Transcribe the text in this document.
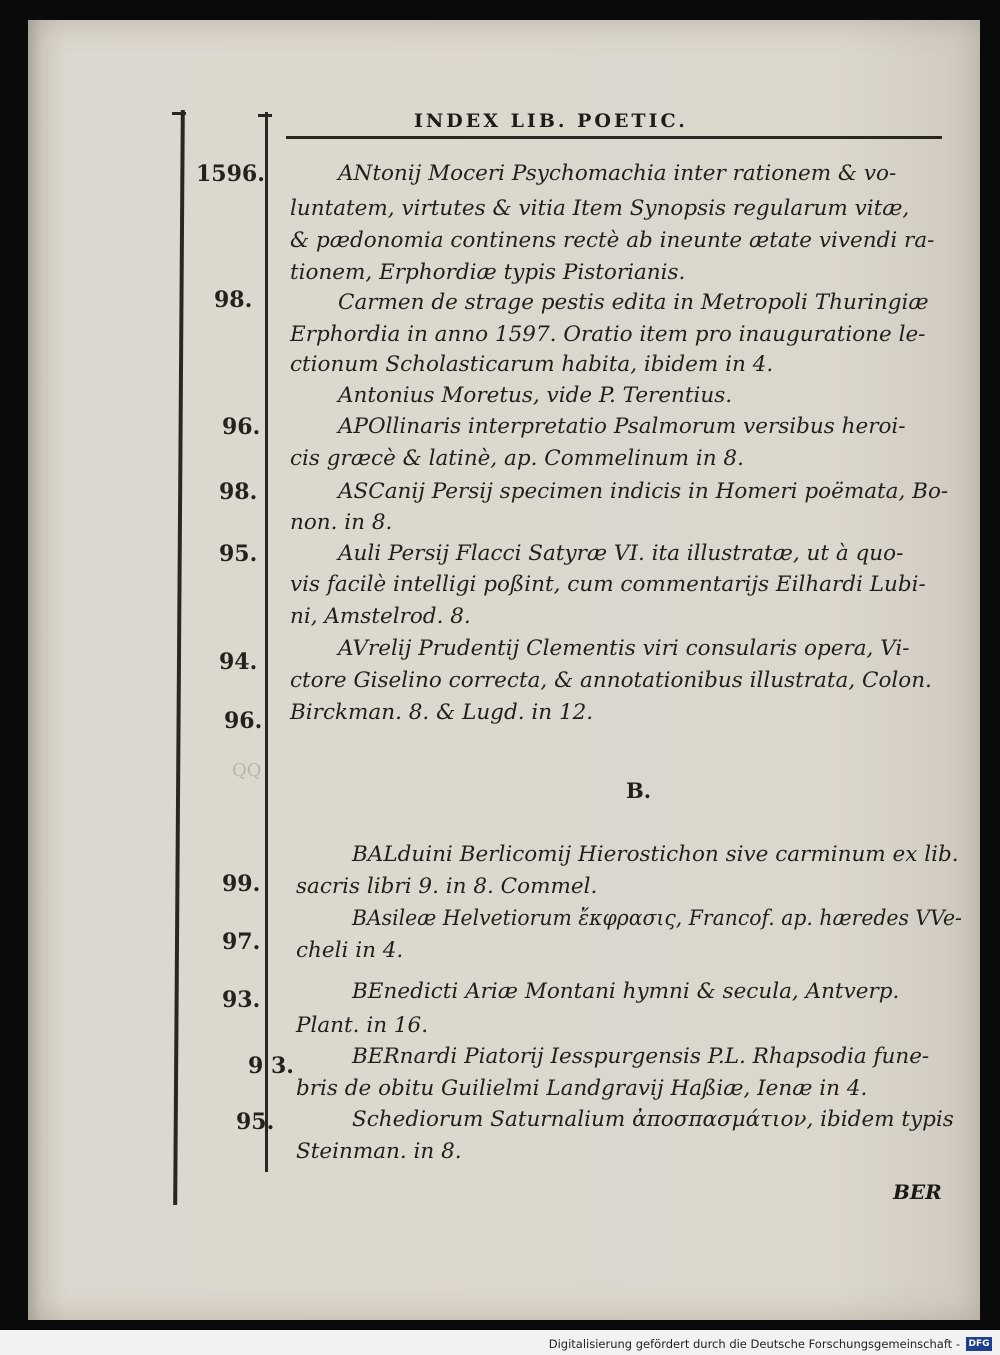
INDEX LIB. POETIC.
1596.
98.
96.
98.
95.
94.
96.
99.
97.
93.
9 3.
95.
ANtonij Moceri Psychomachia inter rationem & vo-
luntatem, virtutes & vitia Item Synopsis regularum vitæ,
& pædonomia continens rectè ab ineunte ætate vivendi ra-
tionem, Erphordiæ typis Pistorianis.
Carmen de strage pestis edita in Metropoli Thuringiæ
Erphordia in anno 1597. Oratio item pro inauguratione le-
ctionum Scholasticarum habita, ibidem in 4.
Antonius Moretus, vide P. Terentius.
APOllinaris interpretatio Psalmorum versibus heroi-
cis græcè & latinè, ap. Commelinum in 8.
ASCanij Persij specimen indicis in Homeri poëmata, Bo-
non. in 8.
Auli Persij Flacci Satyræ VI. ita illustratæ, ut à quo-
vis facilè intelligi poßint, cum commentarijs Eilhardi Lubi-
ni, Amstelrod. 8.
AVrelij Prudentij Clementis viri consularis opera, Vi-
ctore Giselino correcta, & annotationibus illustrata, Colon.
Birckman. 8. & Lugd. in 12.
QQ
B.
BALduini Berlicomij Hierostichon sive carminum ex lib.
sacris libri 9. in 8. Commel.
BAsileæ Helvetiorum ἔκφρασις, Francof. ap. hæredes VVe-
cheli in 4.
BEnedicti Ariæ Montani hymni & secula, Antverp.
Plant. in 16.
BERnardi Piatorij Iesspurgensis P.L. Rhapsodia fune-
bris de obitu Guilielmi Landgravij Haßiæ, Ienæ in 4.
Schediorum Saturnalium ἀποσπασμάτιον, ibidem typis
Steinman. in 8.
BER
Digitalisierung gefördert durch die Deutsche Forschungsgemeinschaft - DFG
